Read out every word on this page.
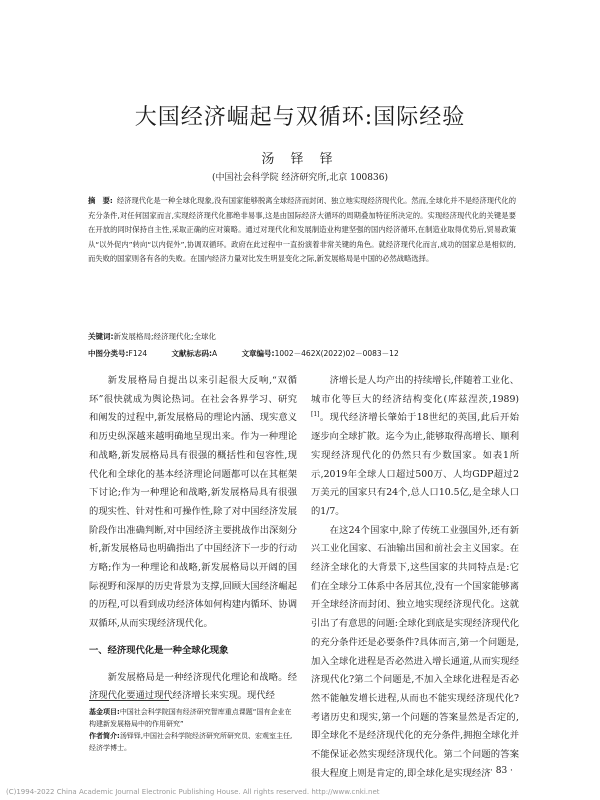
大国经济崛起与双循环:国际经验
汤 铎 铎
(中国社会科学院 经济研究所,北京 100836)
摘　要: 经济现代化是一种全球化现象,没有国家能够脱离全球经济而封闭、独立地实现经济现代化。然而,全球化并不是经济现代化的充分条件,对任何国家而言,实现经济现代化都绝非易事,这是由国际经济大循环的周期叠加特征所决定的。实现经济现代化的关键是要在开放的同时保持自主性,采取正确的应对策略。通过对现代化和发展制造业构建坚强的国内经济循环,在制造业取得优势后,贸易政策从“以外促内”转向“以内促外”,协调双循环。政府在此过程中一直扮演着非常关键的角色。就经济现代化而言,成功的国家总是相似的,而失败的国家则各有各的失败。在国内经济力量对比发生明显变化之际,新发展格局是中国的必然战略选择。
关键词:新发展格局;经济现代化;全球化
中图分类号:F124	文献标志码:A	文章编号:1002－462X(2022)02－0083－12

新发展格局自提出以来引起很大反响,“双循环”很快就成为舆论热词。在社会各界学习、研究和阐发的过程中,新发展格局的理论内涵、现实意义和历史纵深越来越明确地呈现出来。作为一种理论和战略,新发展格局具有很强的概括性和包容性,现代化和全球化的基本经济理论问题都可以在其框架下讨论;作为一种理论和战略,新发展格局具有很强的现实性、针对性和可操作性,除了对中国经济发展阶段作出准确判断,对中国经济主要挑战作出深刻分析,新发展格局也明确指出了中国经济下一步的行动方略;作为一种理论和战略,新发展格局以开阔的国际视野和深厚的历史背景为支撑,回顾大国经济崛起的历程,可以看到成功经济体如何构建内循环、协调双循环,从而实现经济现代化。

一、经济现代化是一种全球化现象

新发展格局是一种经济现代化理论和战略。经济现代化要通过现代经济增长来实现。现代经

济增长是人均产出的持续增长,伴随着工业化、城市化等巨大的经济结构变化(库兹涅茨,1989)[1]。现代经济增长肇始于18世纪的英国,此后开始逐步向全球扩散。迄今为止,能够取得高增长、顺利实现经济现代化的仍然只有少数国家。如表1所示,2019年全球人口超过500万、人均GDP超过2万美元的国家只有24个,总人口10.5亿,是全球人口的1/7。

在这24个国家中,除了传统工业强国外,还有新兴工业化国家、石油输出国和前社会主义国家。在经济全球化的大背景下,这些国家的共同特点是:它们在全球分工体系中各居其位,没有一个国家能够离开全球经济而封闭、独立地实现经济现代化。这就引出了有意思的问题:全球化到底是实现经济现代化的充分条件还是必要条件?具体而言,第一个问题是,加入全球化进程是否必然进入增长通道,从而实现经济现代化?第二个问题是,不加入全球化进程是否必然不能触发增长进程,从而也不能实现经济现代化?考诸历史和现实,第一个问题的答案显然是否定的,即全球化不是经济现代化的充分条件,拥抱全球化并不能保证必然实现经济现代化。第二个问题的答案很大程度上则是肯定的,即全球化是实现经济

基金项目:中国社会科学院国有经济研究智库重点课题“国有企业在构建新发展格局中的作用研究”

作者简介:汤铎铎,中国社会科学院经济研究所研究员、宏观室主任,经济学博士。

· 83 ·
(C)1994-2022 China Academic Journal Electronic Publishing House. All rights reserved. http://www.cnki.net
